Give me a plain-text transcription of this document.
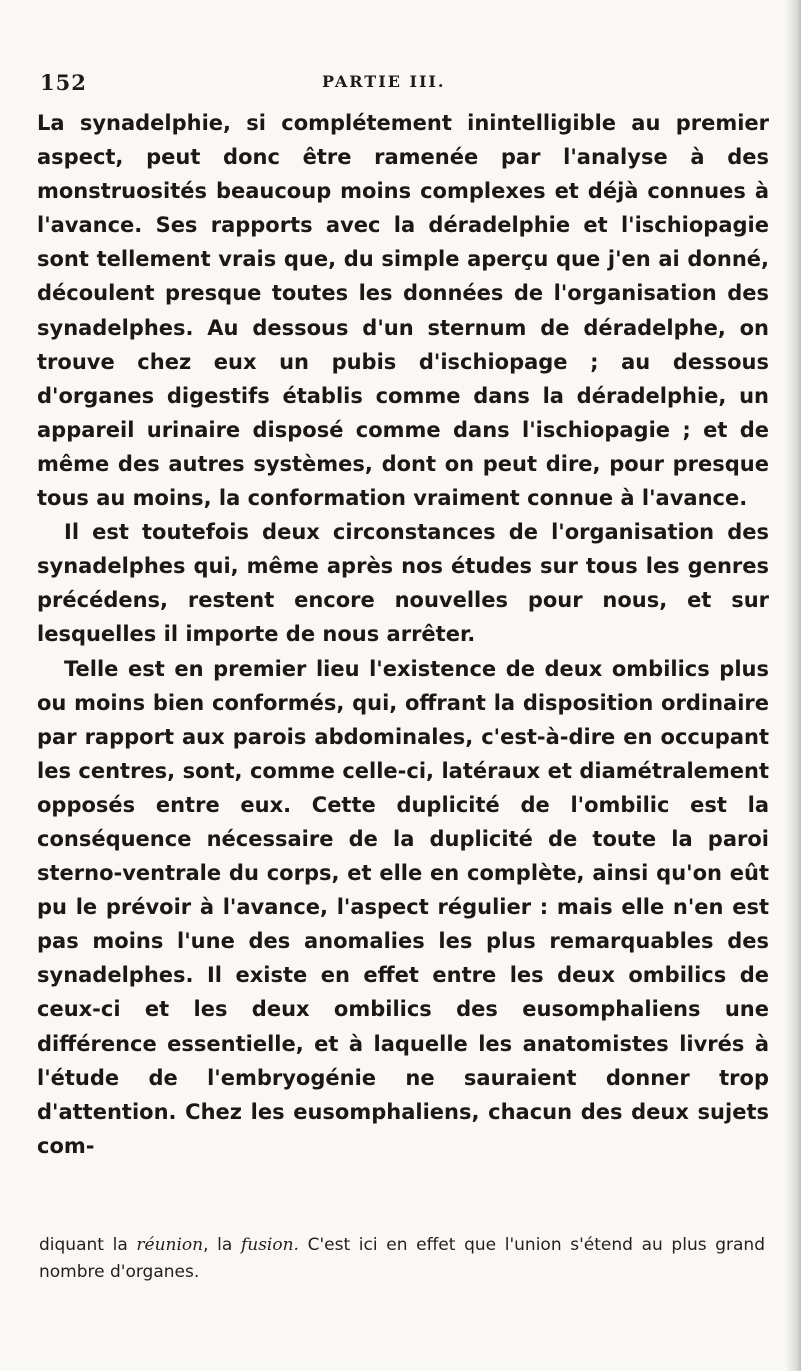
152	PARTIE III.

La synadelphie, si complétement inintelligible au premier aspect, peut donc être ramenée par l'analyse à des monstruosités beaucoup moins complexes et déjà connues à l'avance. Ses rapports avec la déradelphie et l'ischiopagie sont tellement vrais que, du simple aperçu que j'en ai donné, découlent presque toutes les données de l'organisation des synadelphes. Au dessous d'un sternum de déradelphe, on trouve chez eux un pubis d'ischiopage ; au dessous d'organes digestifs établis comme dans la déradelphie, un appareil urinaire disposé comme dans l'ischiopagie ; et de même des autres systèmes, dont on peut dire, pour presque tous au moins, la conformation vraiment connue à l'avance.

Il est toutefois deux circonstances de l'organisation des synadelphes qui, même après nos études sur tous les genres précédens, restent encore nouvelles pour nous, et sur lesquelles il importe de nous arrêter.

Telle est en premier lieu l'existence de deux ombilics plus ou moins bien conformés, qui, offrant la disposition ordinaire par rapport aux parois abdominales, c'est-à-dire en occupant les centres, sont, comme celle-ci, latéraux et diamétralement opposés entre eux. Cette duplicité de l'ombilic est la conséquence nécessaire de la duplicité de toute la paroi sterno-ventrale du corps, et elle en complète, ainsi qu'on eût pu le prévoir à l'avance, l'aspect régulier : mais elle n'en est pas moins l'une des anomalies les plus remarquables des synadelphes. Il existe en effet entre les deux ombilics de ceux-ci et les deux ombilics des eusomphaliens une différence essentielle, et à laquelle les anatomistes livrés à l'étude de l'embryogénie ne sauraient donner trop d'attention. Chez les eusomphaliens, chacun des deux sujets com-

diquant la réunion, la fusion. C'est ici en effet que l'union s'étend au plus grand nombre d'organes.
